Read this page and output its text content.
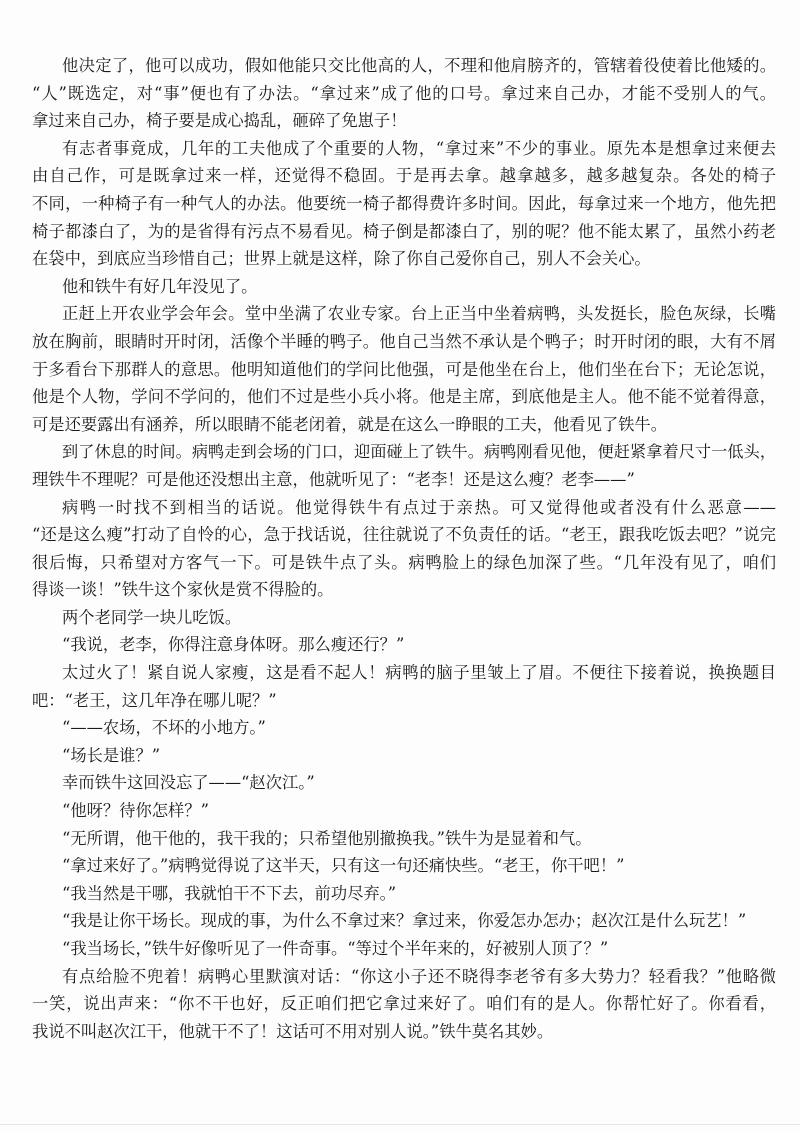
他决定了，他可以成功，假如他能只交比他高的人，不理和他肩膀齐的，管辖着役使着比他矮的。
“人”既选定，对“事”便也有了办法。“拿过来”成了他的口号。拿过来自己办，才能不受别人的气。
拿过来自己办，椅子要是成心捣乱，砸碎了免崽子！
有志者事竟成，几年的工夫他成了个重要的人物，“拿过来”不少的事业。原先本是想拿过来便去
由自己作，可是既拿过来一样，还觉得不稳固。于是再去拿。越拿越多，越多越复杂。各处的椅子
不同，一种椅子有一种气人的办法。他要统一椅子都得费许多时间。因此，每拿过来一个地方，他先把
椅子都漆白了，为的是省得有污点不易看见。椅子倒是都漆白了，别的呢？他不能太累了，虽然小药老
在袋中，到底应当珍惜自己；世界上就是这样，除了你自己爱你自己，别人不会关心。
他和铁牛有好几年没见了。
正赶上开农业学会年会。堂中坐满了农业专家。台上正当中坐着病鸭，头发挺长，脸色灰绿，长嘴
放在胸前，眼睛时开时闭，活像个半睡的鸭子。他自己当然不承认是个鸭子；时开时闭的眼，大有不屑
于多看台下那群人的意思。他明知道他们的学问比他强，可是他坐在台上，他们坐在台下；无论怎说，
他是个人物，学问不学问的，他们不过是些小兵小将。他是主席，到底他是主人。他不能不觉着得意，
可是还要露出有涵养，所以眼睛不能老闭着，就是在这么一睁眼的工夫，他看见了铁牛。
到了休息的时间。病鸭走到会场的门口，迎面碰上了铁牛。病鸭刚看见他，便赶紧拿着尺寸一低头，
理铁牛不理呢？可是他还没想出主意，他就听见了：“老李！还是这么瘦？老李——”
病鸭一时找不到相当的话说。他觉得铁牛有点过于亲热。可又觉得他或者没有什么恶意——
“还是这么瘦”打动了自怜的心，急于找话说，往往就说了不负责任的话。“老王，跟我吃饭去吧？”说完
很后悔，只希望对方客气一下。可是铁牛点了头。病鸭脸上的绿色加深了些。“几年没有见了，咱们
得谈一谈！”铁牛这个家伙是赏不得脸的。
两个老同学一块儿吃饭。
“我说，老李，你得注意身体呀。那么瘦还行？”
太过火了！紧自说人家瘦，这是看不起人！病鸭的脑子里皱上了眉。不便往下接着说，换换题目
吧：“老王，这几年净在哪儿呢？”
“——农场，不坏的小地方。”
“场长是谁？”
幸而铁牛这回没忘了——“赵次江。”
“他呀？待你怎样？”
“无所谓，他干他的，我干我的；只希望他别撤换我。”铁牛为是显着和气。
“拿过来好了。”病鸭觉得说了这半天，只有这一句还痛快些。“老王，你干吧！”
“我当然是干哪，我就怕干不下去，前功尽弃。”
“我是让你干场长。现成的事，为什么不拿过来？拿过来，你爱怎办怎办；赵次江是什么玩艺！”
“我当场长，”铁牛好像听见了一件奇事。“等过个半年来的，好被别人顶了？”
有点给脸不兜着！病鸭心里默演对话：“你这小子还不晓得李老爷有多大势力？轻看我？”他略微
一笑，说出声来：“你不干也好，反正咱们把它拿过来好了。咱们有的是人。你帮忙好了。你看看，
我说不叫赵次江干，他就干不了！这话可不用对别人说。”铁牛莫名其妙。
